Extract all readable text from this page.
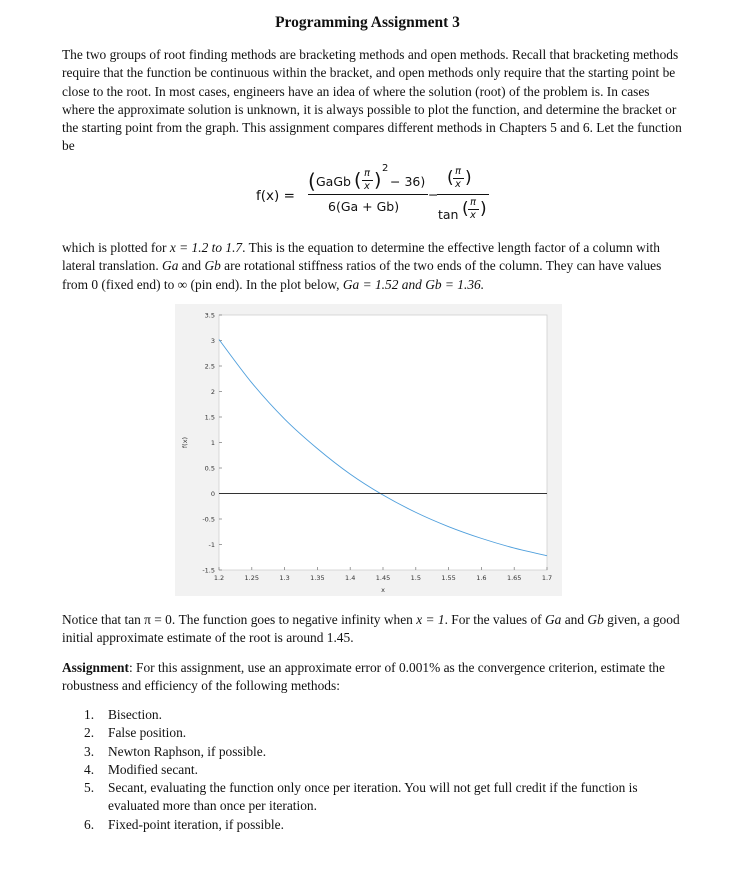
Programming Assignment 3
The two groups of root finding methods are bracketing methods and open methods. Recall that bracketing methods require that the function be continuous within the bracket, and open methods only require that the starting point be close to the root. In most cases, engineers have an idea of where the solution (root) of the problem is. In cases where the approximate solution is unknown, it is always possible to plot the function, and determine the bracket or the starting point from the graph. This assignment compares different methods in Chapters 5 and 6. Let the function be
f(x) =
( GaGb ( π
x )
2
− 36)
6(Ga + Gb)
−
( π
x )
tan ( π
x )
which is plotted for x = 1.2 to 1.7. This is the equation to determine the effective length factor of a column with lateral translation. Ga and Gb are rotational stiffness ratios of the two ends of the column. They can have values from 0 (fixed end) to ∞ (pin end). In the plot below, Ga = 1.52 and Gb = 1.36.
3.5
3
2.5
2
1.5
1
0.5
0
-0.5
-1
-1.5
1.2	1.25	1.3	1.35	1.4	1.45	1.5	1.55	1.6	1.65	1.7
x
f(x)
Notice that tan π = 0. The function goes to negative infinity when x = 1. For the values of Ga and Gb given, a good initial approximate estimate of the root is around 1.45.
Assignment: For this assignment, use an approximate error of 0.001% as the convergence criterion, estimate the robustness and efficiency of the following methods:
1. Bisection.
2. False position.
3. Newton Raphson, if possible.
4. Modified secant.
5. Secant, evaluating the function only once per iteration. You will not get full credit if the function is evaluated more than once per iteration.
6. Fixed-point iteration, if possible.
